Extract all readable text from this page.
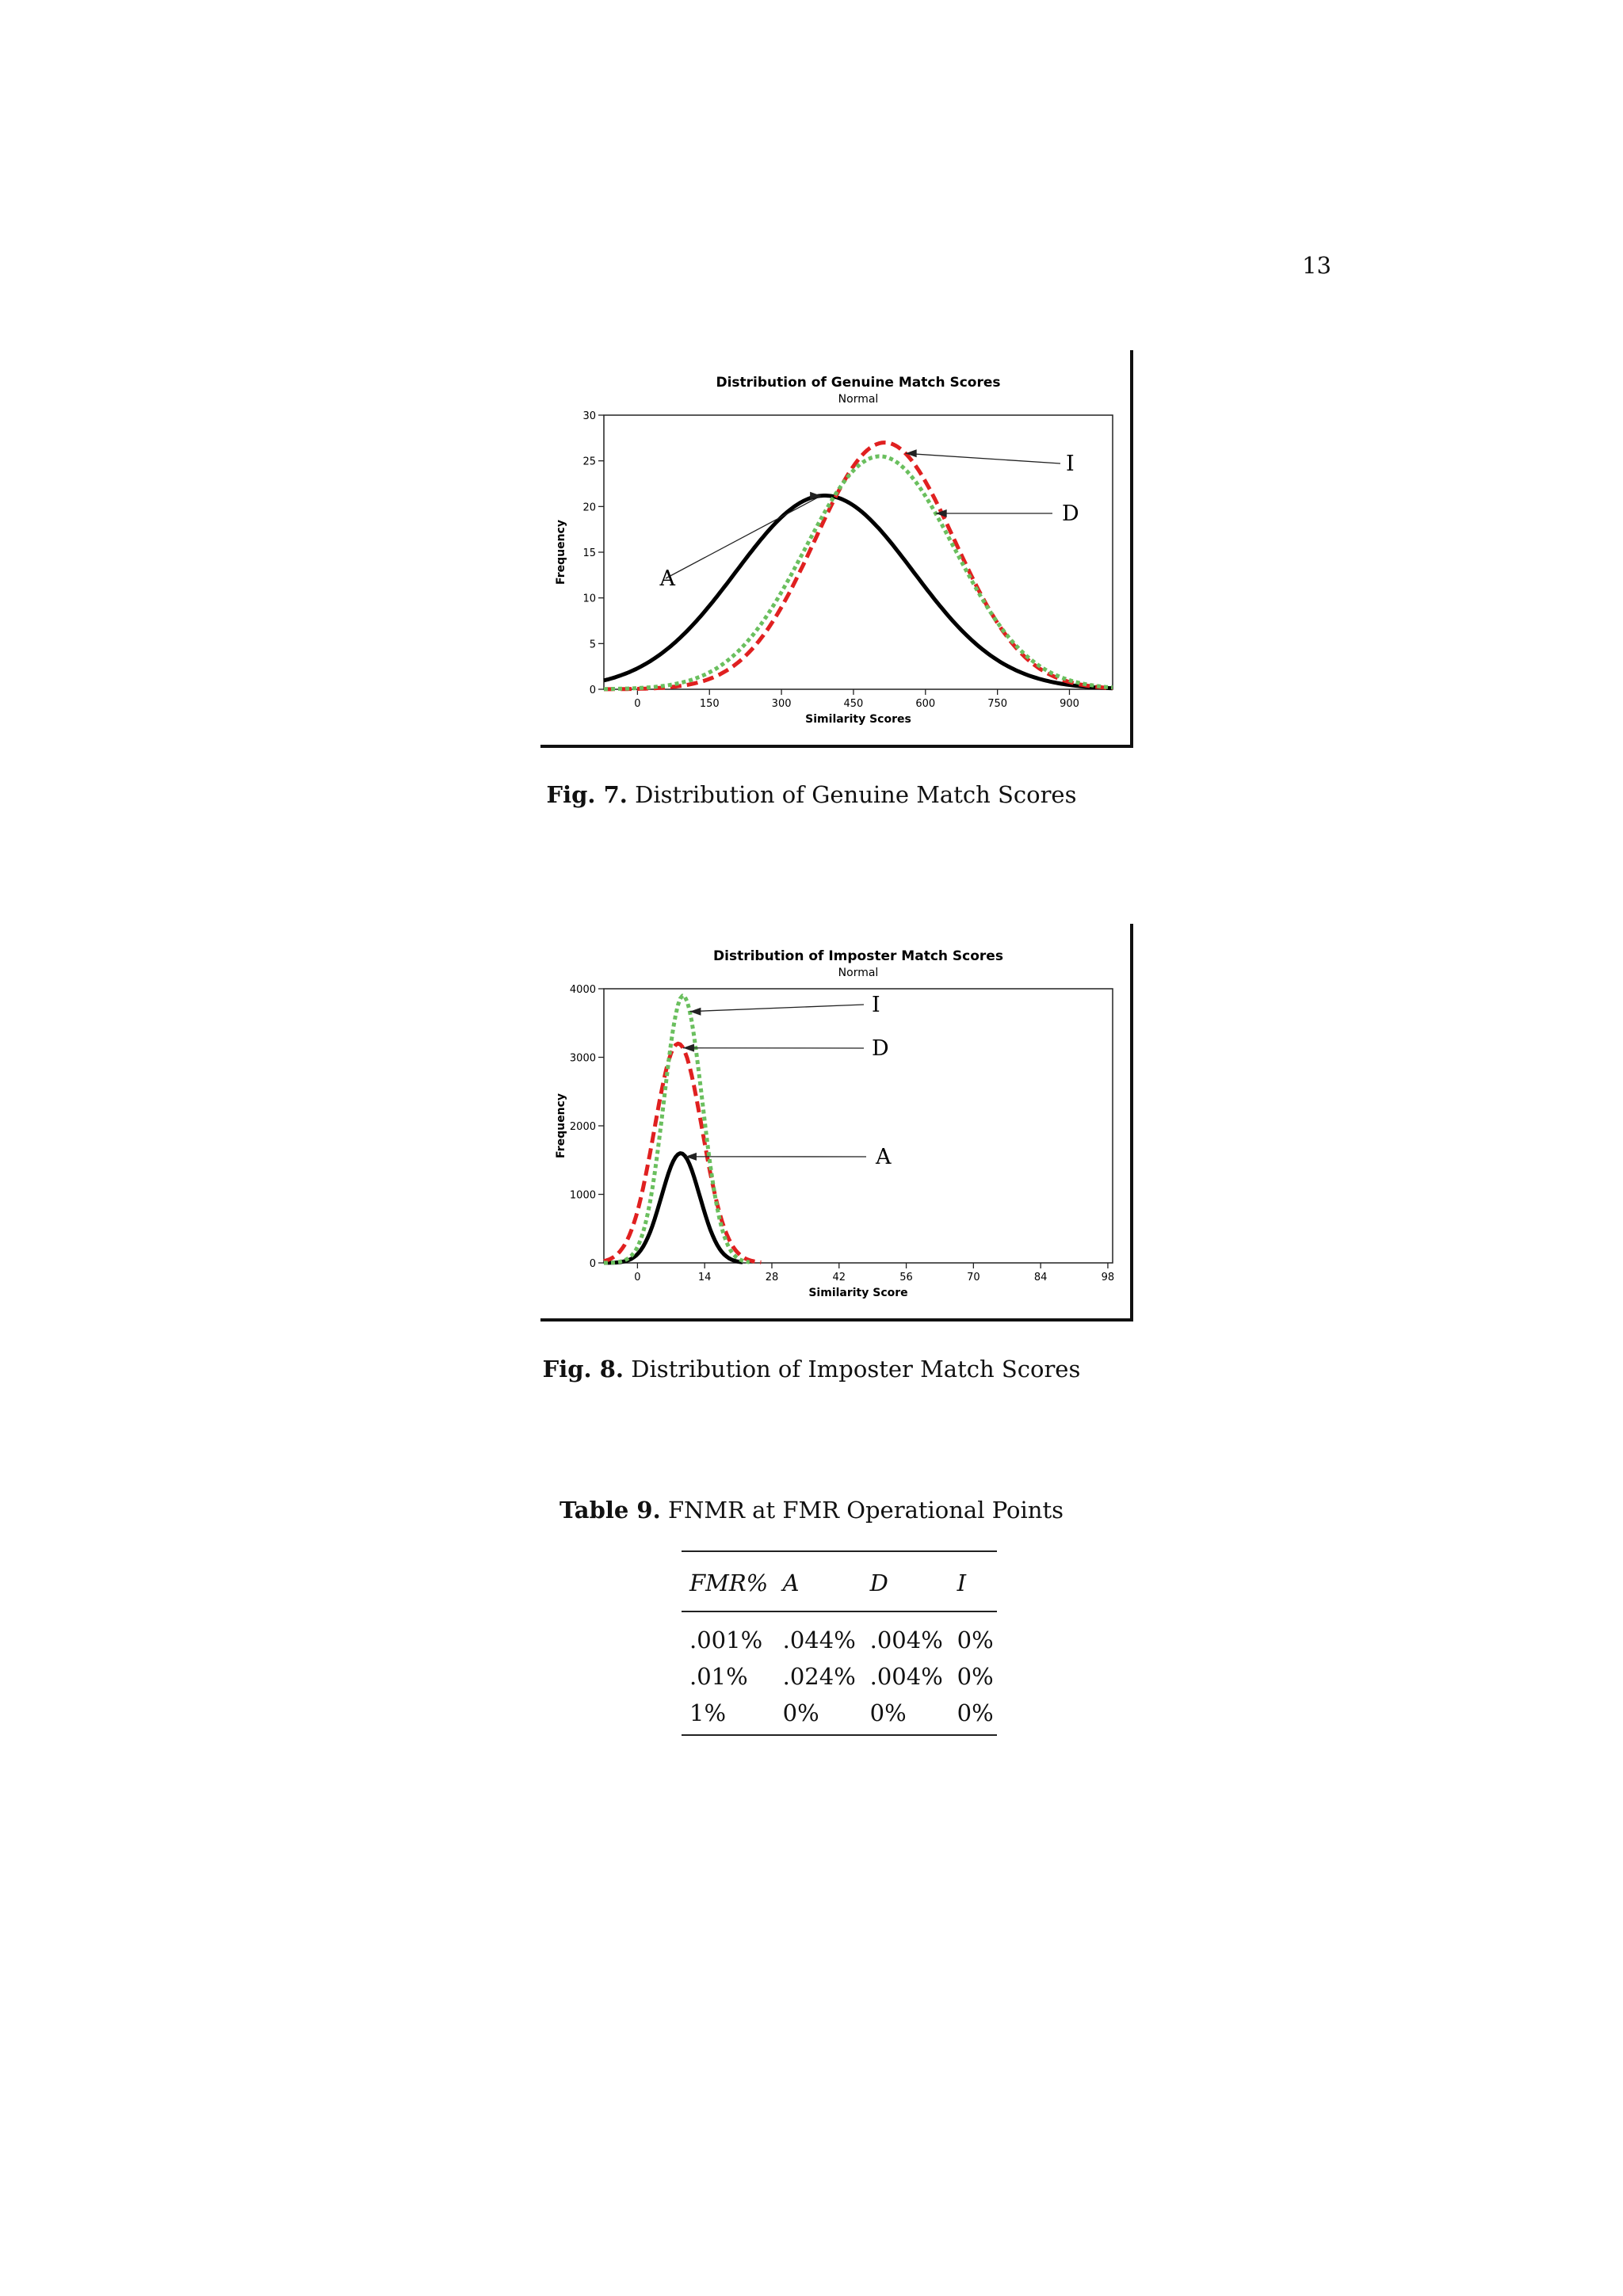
13
Distribution of Genuine Match Scores
Normal
0
5
10
15
20
25
30
0	150	300	450	600	750	900
Similarity Scores
Frequency	A
I
D
Fig. 7. Distribution of Genuine Match Scores
Distribution of Imposter Match Scores
Normal
0
1000
2000
3000
4000
0	14	28	42	56	70	84	98
Similarity Score
Frequency
I
D
A
Fig. 8. Distribution of Imposter Match Scores
Table 9. FNMR at FMR Operational Points
FMR%	A	D	I
.001%	.044%	.004%	0%
.01%	.024%	.004%	0%
1%	0%	0%	0%
